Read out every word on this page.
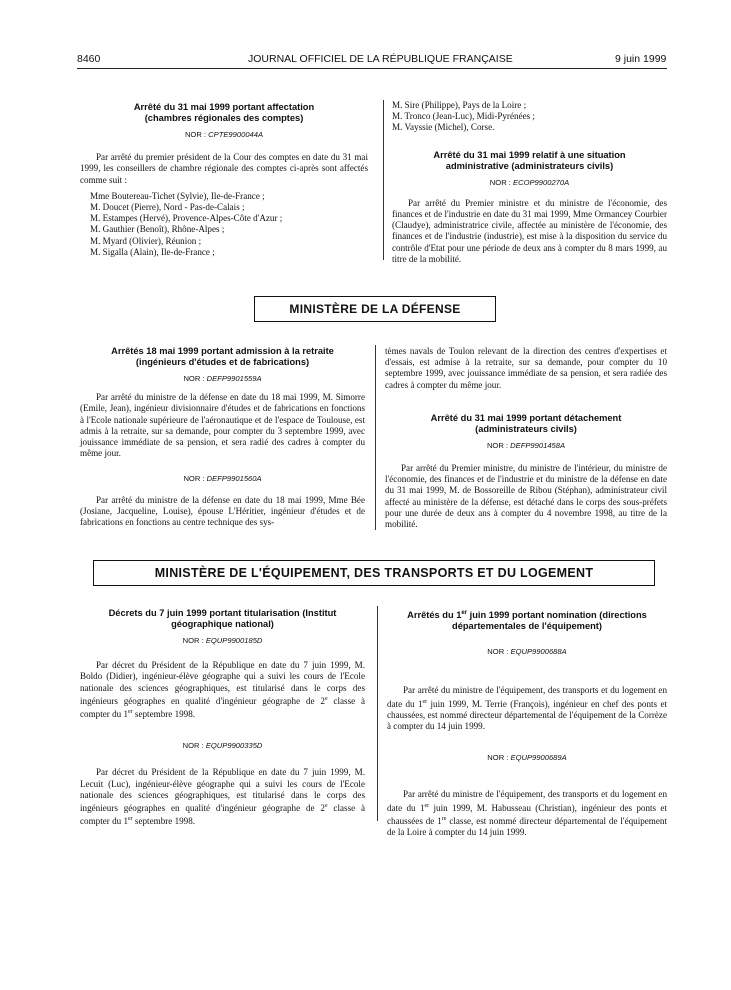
8460	JOURNAL OFFICIEL DE LA RÉPUBLIQUE FRANÇAISE	9 juin 1999
Arrêté du 31 mai 1999 portant affectation (chambres régionales des comptes)
NOR : CPTE9900044A

Par arrêté du premier président de la Cour des comptes en date du 31 mai 1999, les conseillers de chambre régionale des comptes ci-après sont affectés comme suit :

Mme Boutereau-Tichet (Sylvie), Ile-de-France ;
M. Doucet (Pierre), Nord - Pas-de-Calais ;
M. Estampes (Hervé), Provence-Alpes-Côte d'Azur ;
M. Gauthier (Benoît), Rhône-Alpes ;
M. Myard (Olivier), Réunion ;
M. Sigalla (Alain), Ile-de-France ;
M. Sire (Philippe), Pays de la Loire ;
M. Tronco (Jean-Luc), Midi-Pyrénées ;
M. Vayssie (Michel), Corse.
Arrêté du 31 mai 1999 relatif à une situation administrative (administrateurs civils)
NOR : ECOP9900270A

Par arrêté du Premier ministre et du ministre de l'économie, des finances et de l'industrie en date du 31 mai 1999, Mme Ormancey Courbier (Claudye), administratrice civile, affectée au ministère de l'économie, des finances et de l'industrie (industrie), est mise à la disposition du service du contrôle d'Etat pour une période de deux ans à compter du 8 mars 1999, au titre de la mobilité.

MINISTÈRE DE LA DÉFENSE
Arrêtés 18 mai 1999 portant admission à la retraite (ingénieurs d'études et de fabrications)
NOR : DEFP9901559A

Par arrêté du ministre de la défense en date du 18 mai 1999, M. Simorre (Emile, Jean), ingénieur divisionnaire d'études et de fabrications en fonctions à l'Ecole nationale supérieure de l'aéronautique et de l'espace de Toulouse, est admis à la retraite, sur sa demande, pour compter du 3 septembre 1999, avec jouissance immédiate de sa pension, et sera radié des cadres à compter du même jour.

NOR : DEFP9901560A

Par arrêté du ministre de la défense en date du 18 mai 1999, Mme Bée (Josiane, Jacqueline, Louise), épouse L'Héritier, ingénieur d'études et de fabrications en fonctions au centre technique des sys-

tèmes navals de Toulon relevant de la direction des centres d'expertises et d'essais, est admise à la retraite, sur sa demande, pour compter du 10 septembre 1999, avec jouissance immédiate de sa pension, et sera radiée des cadres à compter du même jour.

Arrêté du 31 mai 1999 portant détachement (administrateurs civils)
NOR : DEFP9901458A

Par arrêté du Premier ministre, du ministre de l'intérieur, du ministre de l'économie, des finances et de l'industrie et du ministre de la défense en date du 31 mai 1999, M. de Bossoreille de Ribou (Stéphan), administrateur civil affecté au ministère de la défense, est détaché dans le corps des sous-préfets pour une durée de deux ans à compter du 4 novembre 1998, au titre de la mobilité.

MINISTÈRE DE L'ÉQUIPEMENT, DES TRANSPORTS ET DU LOGEMENT
Décrets du 7 juin 1999 portant titularisation (Institut géographique national)
NOR : EQUP9900185D

Par décret du Président de la République en date du 7 juin 1999, M. Boldo (Didier), ingénieur-élève géographe qui a suivi les cours de l'Ecole nationale des sciences géographiques, est titularisé dans le corps des ingénieurs géographes en qualité d'ingénieur géographe de 2e classe à compter du 1er septembre 1998.

NOR : EQUP9900335D

Par décret du Président de la République en date du 7 juin 1999, M. Lecuit (Luc), ingénieur-élève géographe qui a suivi les cours de l'Ecole nationale des sciences géographiques, est titularisé dans le corps des ingénieurs géographes en qualité d'ingénieur géographe de 2e classe à compter du 1er septembre 1998.

Arrêtés du 1er juin 1999 portant nomination (directions départementales de l'équipement)
NOR : EQUP9900688A

Par arrêté du ministre de l'équipement, des transports et du logement en date du 1er juin 1999, M. Terrie (François), ingénieur en chef des ponts et chaussées, est nommé directeur départemental de l'équipement de la Corrèze à compter du 14 juin 1999.

NOR : EQUP9900689A

Par arrêté du ministre de l'équipement, des transports et du logement en date du 1er juin 1999, M. Habusseau (Christian), ingénieur des ponts et chaussées de 1re classe, est nommé directeur départemental de l'équipement de la Loire à compter du 14 juin 1999.
